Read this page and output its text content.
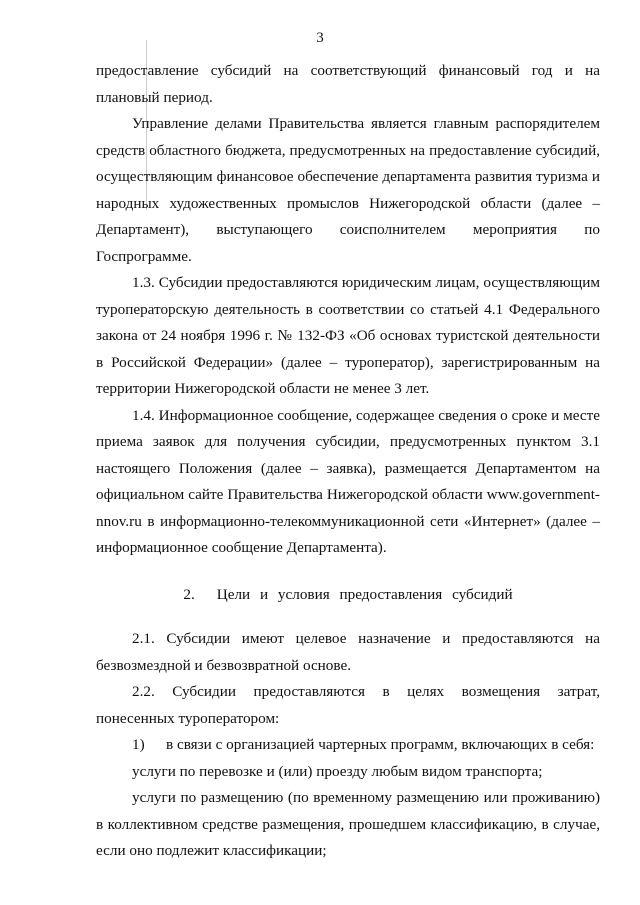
3

предоставление субсидий на соответствующий финансовый год и на плановый период.

Управление делами Правительства является главным распорядителем средств областного бюджета, предусмотренных на предоставление субсидий, осуществляющим финансовое обеспечение департамента развития туризма и народных художественных промыслов Нижегородской области (далее – Департамент), выступающего соисполнителем мероприятия по Госпрограмме.

1.3. Субсидии предоставляются юридическим лицам, осуществляющим туроператорскую деятельность в соответствии со статьей 4.1 Федерального закона от 24 ноября 1996 г. № 132-ФЗ «Об основах туристской деятельности в Российской Федерации» (далее – туроператор), зарегистрированным на территории Нижегородской области не менее 3 лет.

1.4. Информационное сообщение, содержащее сведения о сроке и месте приема заявок для получения субсидии, предусмотренных пунктом 3.1 настоящего Положения (далее – заявка), размещается Департаментом на официальном сайте Правительства Нижегородской области www.government-nnov.ru в информационно-телекоммуникационной сети «Интернет» (далее – информационное сообщение Департамента).

2. Цели и условия предоставления субсидий

2.1. Субсидии имеют целевое назначение и предоставляются на безвозмездной и безвозвратной основе.

2.2. Субсидии предоставляются в целях возмещения затрат, понесенных туроператором:

1) в связи с организацией чартерных программ, включающих в себя:

услуги по перевозке и (или) проезду любым видом транспорта;

услуги по размещению (по временному размещению или проживанию) в коллективном средстве размещения, прошедшем классификацию, в случае, если оно подлежит классификации;
